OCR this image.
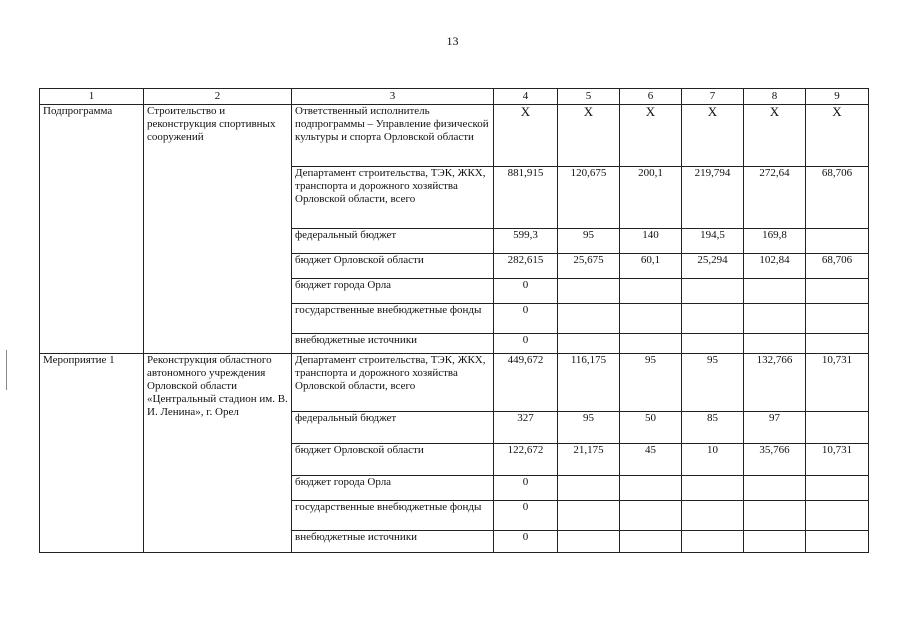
13
1	2	3	4	5	6	7	8	9
Подпрограмма	Строительство и реконструкция спортивных сооружений	Ответственный исполнитель подпрограммы – Управление физической культуры и спорта Орловской области	X	X	X	X	X	X
		Департамент строительства, ТЭК, ЖКХ, транспорта и дорожного хозяйства Орловской области, всего	881,915	120,675	200,1	219,794	272,64	68,706
		федеральный бюджет	599,3	95	140	194,5	169,8	
		бюджет Орловской области	282,615	25,675	60,1	25,294	102,84	68,706
		бюджет города Орла	0					
		государственные внебюджетные фонды	0					
		внебюджетные источники	0					
Мероприятие 1	Реконструкция областного автономного учреждения Орловской области «Центральный стадион им. В. И. Ленина», г. Орел	Департамент строительства, ТЭК, ЖКХ, транспорта и дорожного хозяйства Орловской области, всего	449,672	116,175	95	95	132,766	10,731
		федеральный бюджет	327	95	50	85	97	
		бюджет Орловской области	122,672	21,175	45	10	35,766	10,731
		бюджет города Орла	0					
		государственные внебюджетные фонды	0					
		внебюджетные источники	0					
